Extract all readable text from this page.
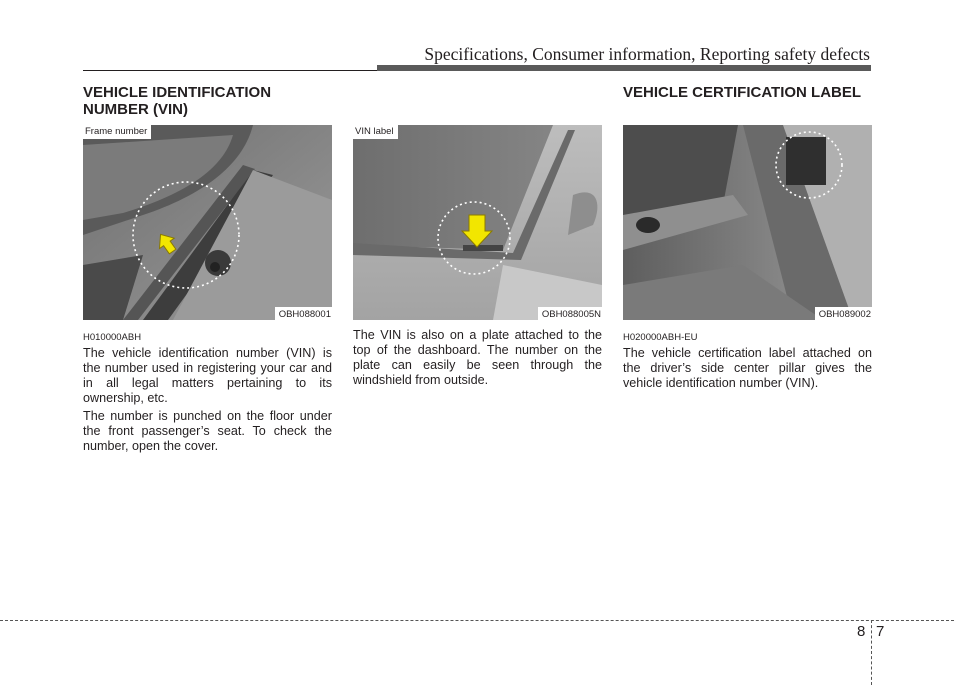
Specifications, Consumer information, Reporting safety defects
VEHICLE IDENTIFICATION NUMBER (VIN)
Frame number
OBH088001
H010000ABH

The vehicle identification number (VIN) is the number used in registering your car and in all legal matters pertaining to its ownership, etc.

The number is punched on the floor under the front passenger’s seat. To check the number, open the cover.

VIN label
OBH088005N

The VIN is also on a plate attached to the top of the dashboard. The number on the plate can easily be seen through the windshield from outside.

VEHICLE CERTIFICATION LABEL
OBH089002
H020000ABH-EU

The vehicle certification label attached on the driver’s side center pillar gives the vehicle identification number (VIN).

8 7
